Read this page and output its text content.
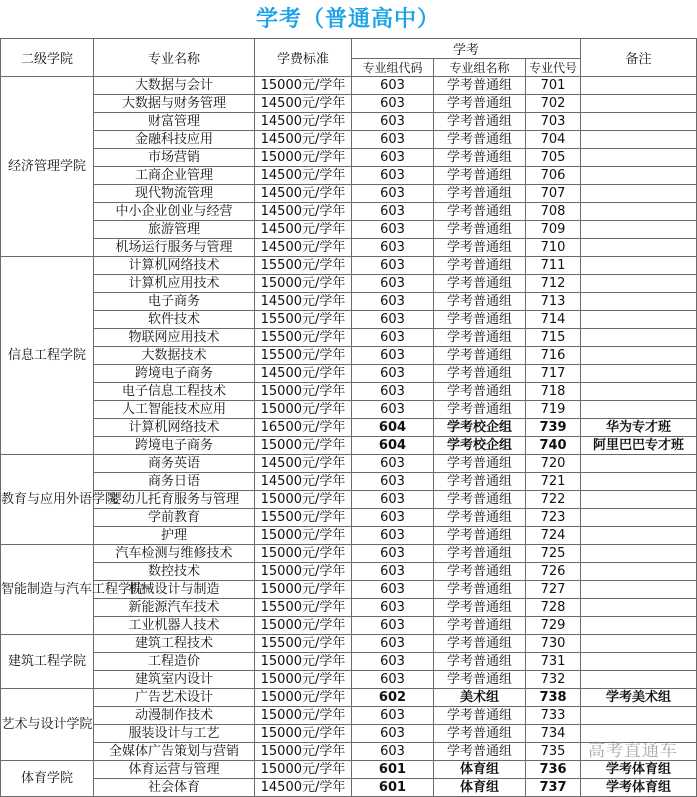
学考（普通高中）
二级学院	专业名称	学费标准	学考			备注
			专业组代码	专业组名称	专业代号	
经济管理学院	大数据与会计	15000元/学年	603	学考普通组	701	
	大数据与财务管理	14500元/学年	603	学考普通组	702	
	财富管理	14500元/学年	603	学考普通组	703	
	金融科技应用	14500元/学年	603	学考普通组	704	
	市场营销	15000元/学年	603	学考普通组	705	
	工商企业管理	14500元/学年	603	学考普通组	706	
	现代物流管理	14500元/学年	603	学考普通组	707	
	中小企业创业与经营	14500元/学年	603	学考普通组	708	
	旅游管理	14500元/学年	603	学考普通组	709	
	机场运行服务与管理	14500元/学年	603	学考普通组	710	
信息工程学院	计算机网络技术	15500元/学年	603	学考普通组	711	
	计算机应用技术	15000元/学年	603	学考普通组	712	
	电子商务	14500元/学年	603	学考普通组	713	
	软件技术	15500元/学年	603	学考普通组	714	
	物联网应用技术	15500元/学年	603	学考普通组	715	
	大数据技术	15500元/学年	603	学考普通组	716	
	跨境电子商务	14500元/学年	603	学考普通组	717	
	电子信息工程技术	15000元/学年	603	学考普通组	718	
	人工智能技术应用	15000元/学年	603	学考普通组	719	
	计算机网络技术	16500元/学年	604	学考校企组	739	华为专才班
	跨境电子商务	15000元/学年	604	学考校企组	740	阿里巴巴专才班
教育与应用外语学院	商务英语	14500元/学年	603	学考普通组	720	
	商务日语	14500元/学年	603	学考普通组	721	
	婴幼儿托育服务与管理	15000元/学年	603	学考普通组	722	
	学前教育	15500元/学年	603	学考普通组	723	
	护理	15000元/学年	603	学考普通组	724	
智能制造与汽车工程学院	汽车检测与维修技术	15000元/学年	603	学考普通组	725	
	数控技术	15000元/学年	603	学考普通组	726	
	机械设计与制造	15000元/学年	603	学考普通组	727	
	新能源汽车技术	15500元/学年	603	学考普通组	728	
	工业机器人技术	15000元/学年	603	学考普通组	729	
建筑工程学院	建筑工程技术	15500元/学年	603	学考普通组	730	
	工程造价	15000元/学年	603	学考普通组	731	
	建筑室内设计	15000元/学年	603	学考普通组	732	
艺术与设计学院	广告艺术设计	15000元/学年	602	美术组	738	学考美术组
	动漫制作技术	15000元/学年	603	学考普通组	733	
	服装设计与工艺	15000元/学年	603	学考普通组	734	
	全媒体广告策划与营销	15000元/学年	603	学考普通组	735	
体育学院	体育运营与管理	15000元/学年	601	体育组	736	学考体育组
	社会体育	14500元/学年	601	体育组	737	学考体育组
高考直通车
